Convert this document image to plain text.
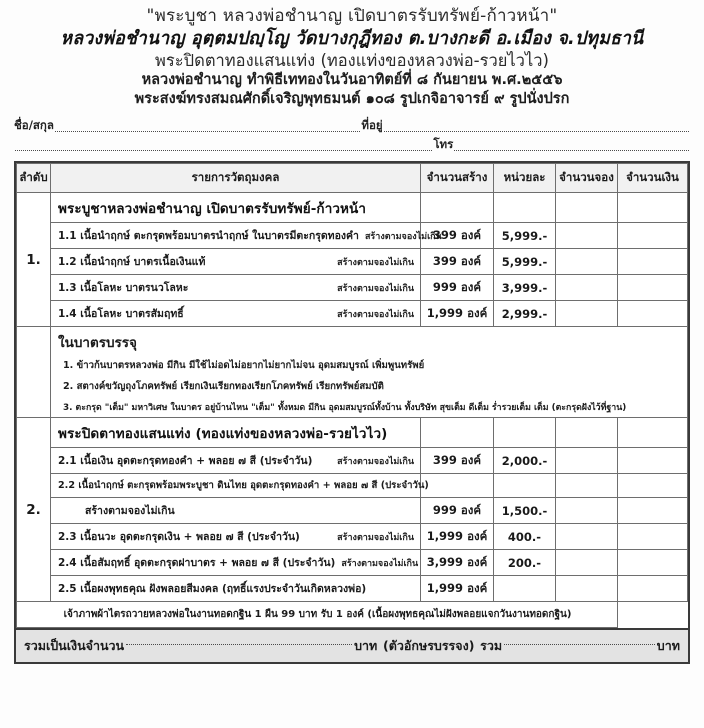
"พระบูชา หลวงพ่อชำนาญ เปิดบาตรรับทรัพย์-ก้าวหน้า"
หลวงพ่อชำนาญ อุตฺตมปญฺโญ วัดบางกุฎีทอง ต.บางกะดี อ.เมือง จ.ปทุมธานี
พระปิดตาทองแสนแท่ง (ทองแท่งของหลวงพ่อ-รวยไวไว)
หลวงพ่อชำนาญ ทำพิธีเททองในวันอาทิตย์ที่ ๘ กันยายน พ.ศ.๒๕๕๖
พระสงฆ์ทรงสมณศักดิ์เจริญพุทธมนต์ ๑๐๘ รูปเกจิอาจารย์ ๙ รูปนั่งปรก
ชื่อ/สกุล	ที่อยู่
โทร
ลำดับ	รายการวัตถุมงคล	จำนวนสร้าง	หน่วยละ	จำนวนจอง	จำนวนเงิน
1.	พระบูชาหลวงพ่อชำนาญ เปิดบาตรรับทรัพย์-ก้าวหน้า				

	1.1 เนื้อนำฤกษ์ ตะกรุดพร้อมบาตรนำฤกษ์ ในบาตรมีตะกรุดทองคำ สร้างตามจองไม่เกิน	399 องค์	5,999.-		

	1.2 เนื้อนำฤกษ์ บาตรเนื้อเงินแท้ สร้างตามจองไม่เกิน	399 องค์	5,999.-		

	1.3 เนื้อโลหะ บาตรนวโลหะ สร้างตามจองไม่เกิน	999 องค์	3,999.-		

	1.4 เนื้อโลหะ บาตรสัมฤทธิ์ สร้างตามจองไม่เกิน	1,999 องค์	2,999.-		

	ในบาตรบรรจุ
1. ข้าวก้นบาตรหลวงพ่อ มีกิน มีใช้ไม่อดไม่อยากไม่ยากไม่จน อุดมสมบูรณ์ เพิ่มพูนทรัพย์
2. สตางค์ขวัญถุงโภคทรัพย์ เรียกเงินเรียกทองเรียกโภคทรัพย์ เรียกทรัพย์สมบัติ
3. ตะกรุด "เต็ม" มหาวิเศษ ในบาตร อยู่บ้านไหน "เต็ม" ทั้งหมด มีกิน อุดมสมบูรณ์ทั้งบ้าน ทั้งบริษัท สุขเต็ม ดีเต็ม ร่ำรวยเต็ม เต็ม (ตะกรุดฝังไว้ที่ฐาน)				

2.	พระปิดตาทองแสนแท่ง (ทองแท่งของหลวงพ่อ-รวยไวไว)				

	2.1 เนื้อเงิน อุดตะกรุดทองคำ + พลอย ๗ สี (ประจำวัน) สร้างตามจองไม่เกิน	399 องค์	2,000.-		

	2.2 เนื้อนำฤกษ์ ตะกรุดพร้อมพระบูชา ดินไทย อุดตะกรุดทองคำ + พลอย ๗ สี (ประจำวัน)				

	สร้างตามจองไม่เกิน	999 องค์	1,500.-		

	2.3 เนื้อนวะ อุดตะกรุดเงิน + พลอย ๗ สี (ประจำวัน) สร้างตามจองไม่เกิน	1,999 องค์	400.-		

	2.4 เนื้อสัมฤทธิ์ อุดตะกรุดฝาบาตร + พลอย ๗ สี (ประจำวัน) สร้างตามจองไม่เกิน	3,999 องค์	200.-		

	2.5 เนื้อผงพุทธคุณ ฝังพลอยสีมงคล (ฤทธิ์แรงประจำวันเกิดหลวงพ่อ)	1,999 องค์			

เจ้าภาพผ้าไตรถวายหลวงพ่อในงานทอดกฐิน 1 ผืน 99 บาท รับ 1 องค์ (เนื้อผงพุทธคุณไม่ฝังพลอยแจกวันงานทอดกฐิน)					
รวมเป็นเงินจำนวน	บาท (ตัวอักษรบรรจง) รวม	บาท
